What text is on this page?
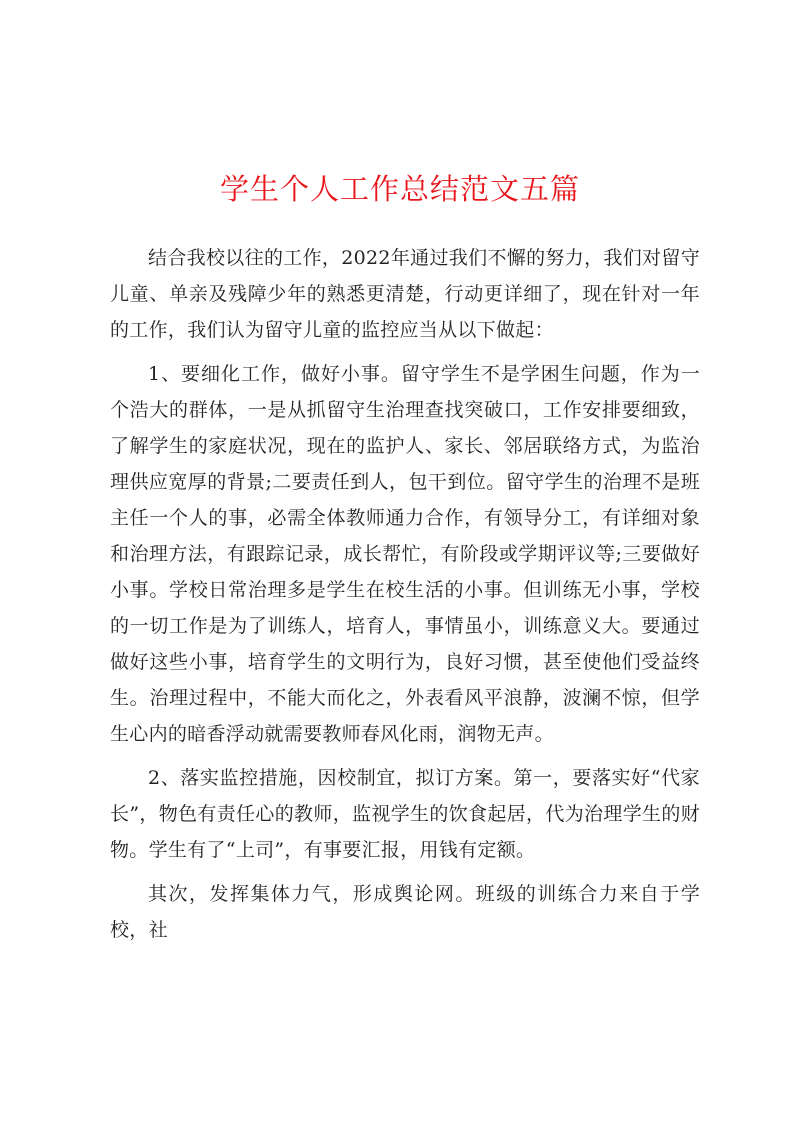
学生个人工作总结范文五篇

结合我校以往的工作，2022年通过我们不懈的努力，我们对留守儿童、单亲及残障少年的熟悉更清楚，行动更详细了，现在针对一年的工作，我们认为留守儿童的监控应当从以下做起：

1、要细化工作，做好小事。留守学生不是学困生问题，作为一个浩大的群体，一是从抓留守生治理查找突破口，工作安排要细致，了解学生的家庭状况，现在的监护人、家长、邻居联络方式，为监治理供应宽厚的背景;二要责任到人，包干到位。留守学生的治理不是班主任一个人的事，必需全体教师通力合作，有领导分工，有详细对象和治理方法，有跟踪记录，成长帮忙，有阶段或学期评议等;三要做好小事。学校日常治理多是学生在校生活的小事。但训练无小事，学校的一切工作是为了训练人，培育人，事情虽小，训练意义大。要通过做好这些小事，培育学生的文明行为，良好习惯，甚至使他们受益终生。治理过程中，不能大而化之，外表看风平浪静，波澜不惊，但学生心内的暗香浮动就需要教师春风化雨，润物无声。

2、落实监控措施，因校制宜，拟订方案。第一，要落实好“代家长”，物色有责任心的教师，监视学生的饮食起居，代为治理学生的财物。学生有了“上司”，有事要汇报，用钱有定额。

其次，发挥集体力气，形成舆论网。班级的训练合力来自于学校，社
